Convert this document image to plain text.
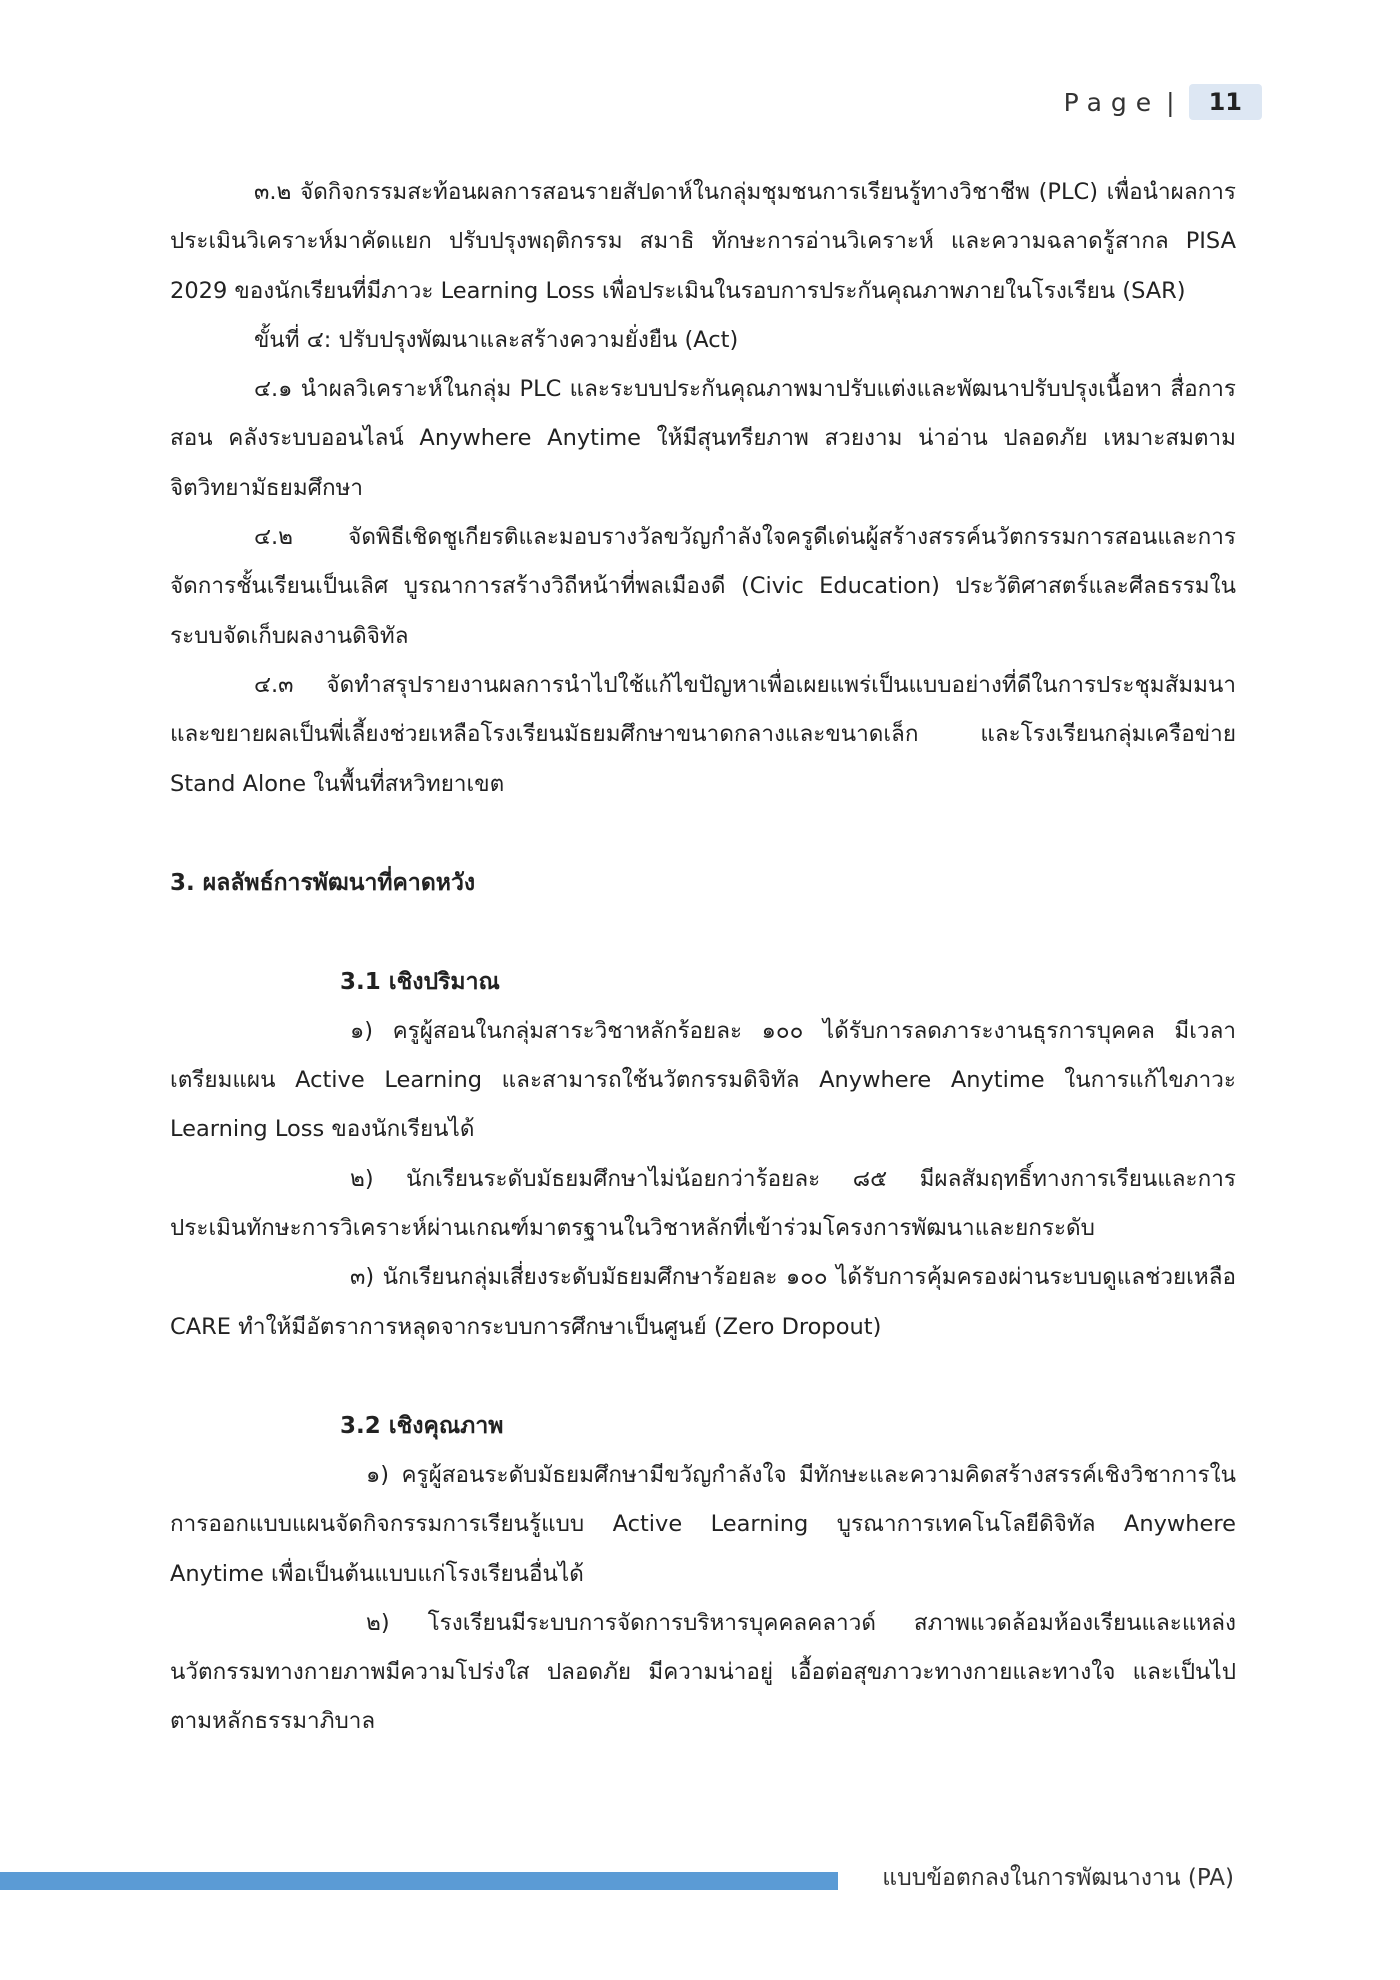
Page |	11

๓.๒ จัดกิจกรรมสะท้อนผลการสอนรายสัปดาห์ในกลุ่มชุมชนการเรียนรู้ทางวิชาชีพ (PLC) เพื่อนำผลการประเมินวิเคราะห์มาคัดแยก ปรับปรุงพฤติกรรม สมาธิ ทักษะการอ่านวิเคราะห์ และความฉลาดรู้สากล PISA 2029 ของนักเรียนที่มีภาวะ Learning Loss เพื่อประเมินในรอบการประกันคุณภาพภายในโรงเรียน (SAR)

ขั้นที่ ๔: ปรับปรุงพัฒนาและสร้างความยั่งยืน (Act)

๔.๑ นำผลวิเคราะห์ในกลุ่ม PLC และระบบประกันคุณภาพมาปรับแต่งและพัฒนาปรับปรุงเนื้อหา สื่อการสอน คลังระบบออนไลน์ Anywhere Anytime ให้มีสุนทรียภาพ สวยงาม น่าอ่าน ปลอดภัย เหมาะสมตามจิตวิทยามัธยมศึกษา

๔.๒ จัดพิธีเชิดชูเกียรติและมอบรางวัลขวัญกำลังใจครูดีเด่นผู้สร้างสรรค์นวัตกรรมการสอนและการจัดการชั้นเรียนเป็นเลิศ บูรณาการสร้างวิถีหน้าที่พลเมืองดี (Civic Education) ประวัติศาสตร์และศีลธรรมในระบบจัดเก็บผลงานดิจิทัล

๔.๓ จัดทำสรุปรายงานผลการนำไปใช้แก้ไขปัญหาเพื่อเผยแพร่เป็นแบบอย่างที่ดีในการประชุมสัมมนาและขยายผลเป็นพี่เลี้ยงช่วยเหลือโรงเรียนมัธยมศึกษาขนาดกลางและขนาดเล็ก และโรงเรียนกลุ่มเครือข่าย Stand Alone ในพื้นที่สหวิทยาเขต

3. ผลลัพธ์การพัฒนาที่คาดหวัง

3.1 เชิงปริมาณ

๑) ครูผู้สอนในกลุ่มสาระวิชาหลักร้อยละ ๑๐๐ ได้รับการลดภาระงานธุรการบุคคล มีเวลาเตรียมแผน Active Learning และสามารถใช้นวัตกรรมดิจิทัล Anywhere Anytime ในการแก้ไขภาวะ Learning Loss ของนักเรียนได้

๒) นักเรียนระดับมัธยมศึกษาไม่น้อยกว่าร้อยละ ๘๕ มีผลสัมฤทธิ์ทางการเรียนและการประเมินทักษะการวิเคราะห์ผ่านเกณฑ์มาตรฐานในวิชาหลักที่เข้าร่วมโครงการพัฒนาและยกระดับ

๓) นักเรียนกลุ่มเสี่ยงระดับมัธยมศึกษาร้อยละ ๑๐๐ ได้รับการคุ้มครองผ่านระบบดูแลช่วยเหลือ CARE ทำให้มีอัตราการหลุดจากระบบการศึกษาเป็นศูนย์ (Zero Dropout)

3.2 เชิงคุณภาพ

๑) ครูผู้สอนระดับมัธยมศึกษามีขวัญกำลังใจ มีทักษะและความคิดสร้างสรรค์เชิงวิชาการในการออกแบบแผนจัดกิจกรรมการเรียนรู้แบบ Active Learning บูรณาการเทคโนโลยีดิจิทัล Anywhere Anytime เพื่อเป็นต้นแบบแก่โรงเรียนอื่นได้

๒) โรงเรียนมีระบบการจัดการบริหารบุคคลคลาวด์ สภาพแวดล้อมห้องเรียนและแหล่งนวัตกรรมทางกายภาพมีความโปร่งใส ปลอดภัย มีความน่าอยู่ เอื้อต่อสุขภาวะทางกายและทางใจ และเป็นไปตามหลักธรรมาภิบาล

แบบข้อตกลงในการพัฒนางาน (PA)
